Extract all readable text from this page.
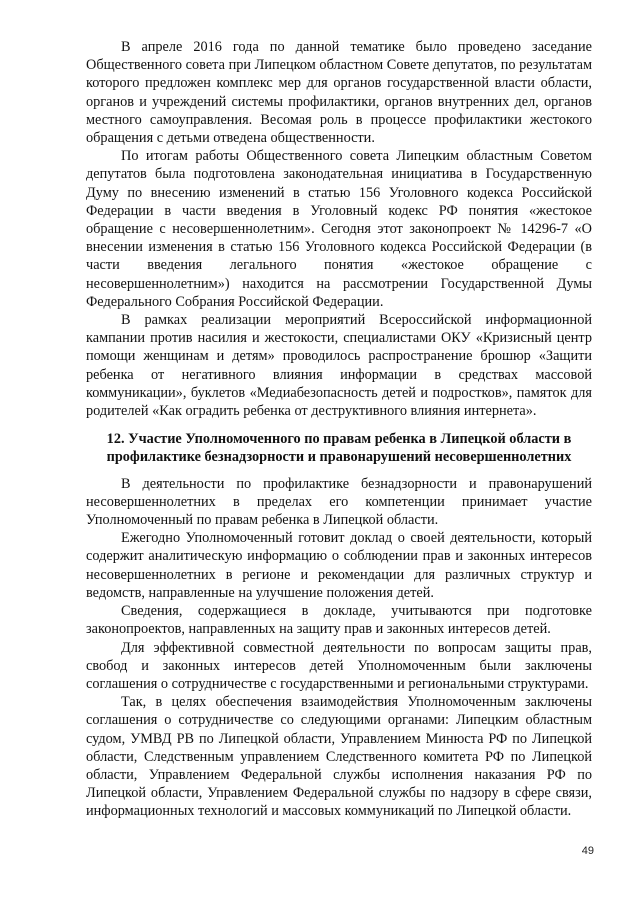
В апреле 2016 года по данной тематике было проведено заседание Общественного совета при Липецком областном Совете депутатов, по результатам которого предложен комплекс мер для органов государственной власти области, органов и учреждений системы профилактики, органов внутренних дел, органов местного самоуправления. Весомая роль в процессе профилактики жестокого обращения с детьми отведена общественности.

По итогам работы Общественного совета Липецким областным Советом депутатов была подготовлена законодательная инициатива в Государственную Думу по внесению изменений в статью 156 Уголовного кодекса Российской Федерации в части введения в Уголовный кодекс РФ понятия «жестокое обращение с несовершеннолетним». Сегодня этот законопроект № 14296-7 «О внесении изменения в статью 156 Уголовного кодекса Российской Федерации (в части введения легального понятия «жестокое обращение с несовершеннолетним») находится на рассмотрении Государственной Думы Федерального Собрания Российской Федерации.

В рамках реализации мероприятий Всероссийской информационной кампании против насилия и жестокости, специалистами ОКУ «Кризисный центр помощи женщинам и детям» проводилось распространение брошюр «Защити ребенка от негативного влияния информации в средствах массовой коммуникации», буклетов «Медиабезопасность детей и подростков», памяток для родителей «Как оградить ребенка от деструктивного влияния интернета».

12. Участие Уполномоченного по правам ребенка в Липецкой области в профилактике безнадзорности и правонарушений несовершеннолетних

В деятельности по профилактике безнадзорности и правонарушений несовершеннолетних в пределах его компетенции принимает участие Уполномоченный по правам ребенка в Липецкой области.

Ежегодно Уполномоченный готовит доклад о своей деятельности, который содержит аналитическую информацию о соблюдении прав и законных интересов несовершеннолетних в регионе и рекомендации для различных структур и ведомств, направленные на улучшение положения детей.

Сведения, содержащиеся в докладе, учитываются при подготовке законопроектов, направленных на защиту прав и законных интересов детей.

Для эффективной совместной деятельности по вопросам защиты прав, свобод и законных интересов детей Уполномоченным были заключены соглашения о сотрудничестве с государственными и региональными структурами.

Так, в целях обеспечения взаимодействия Уполномоченным заключены соглашения о сотрудничестве со следующими органами: Липецким областным судом, УМВД РВ по Липецкой области, Управлением Минюста РФ по Липецкой области, Следственным управлением Следственного комитета РФ по Липецкой области, Управлением Федеральной службы исполнения наказания РФ по Липецкой области, Управлением Федеральной службы по надзору в сфере связи, информационных технологий и массовых коммуникаций по Липецкой области.

49
